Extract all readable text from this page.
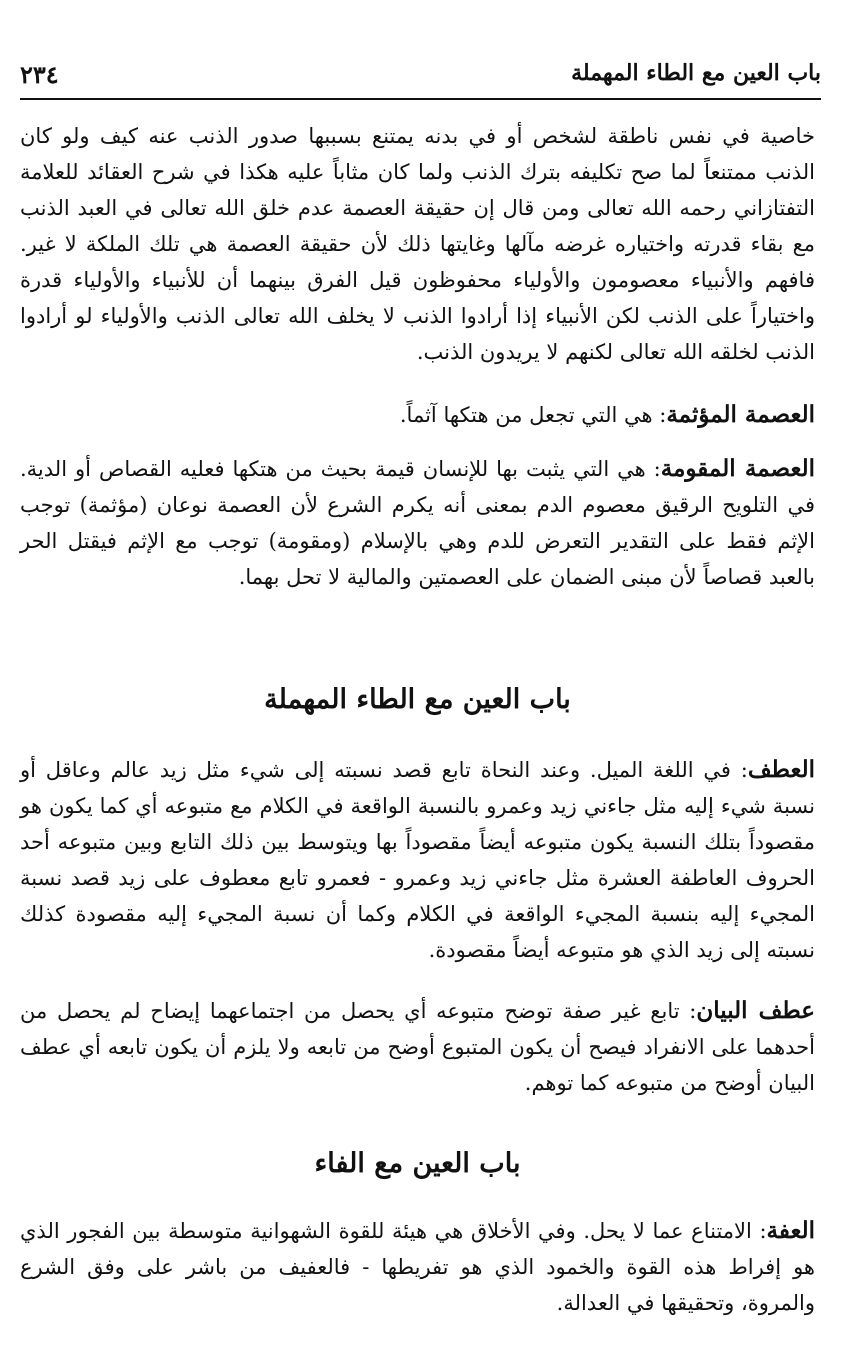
باب العين مع الطاء المهملة
٢٣٤

خاصية في نفس ناطقة لشخص أو في بدنه يمتنع بسببها صدور الذنب عنه كيف ولو كان الذنب ممتنعاً لما صح تكليفه بترك الذنب ولما كان مثاباً عليه هكذا في شرح العقائد للعلامة التفتازاني رحمه الله تعالى ومن قال إن حقيقة العصمة عدم خلق الله تعالى في العبد الذنب مع بقاء قدرته واختياره غرضه مآلها وغايتها ذلك لأن حقيقة العصمة هي تلك الملكة لا غير. فافهم والأنبياء معصومون والأولياء محفوظون قيل الفرق بينهما أن للأنبياء والأولياء قدرة واختياراً على الذنب لكن الأنبياء إذا أرادوا الذنب لا يخلف الله تعالى الذنب والأولياء لو أرادوا الذنب لخلقه الله تعالى لكنهم لا يريدون الذنب.

العصمة المؤثمة: هي التي تجعل من هتكها آثماً.

العصمة المقومة: هي التي يثبت بها للإنسان قيمة بحيث من هتكها فعليه القصاص أو الدية. في التلويح الرقيق معصوم الدم بمعنى أنه يكرم الشرع لأن العصمة نوعان (مؤثمة) توجب الإثم فقط على التقدير التعرض للدم وهي بالإسلام (ومقومة) توجب مع الإثم فيقتل الحر بالعبد قصاصاً لأن مبنى الضمان على العصمتين والمالية لا تحل بهما.

باب العين مع الطاء المهملة

العطف: في اللغة الميل. وعند النحاة تابع قصد نسبته إلى شيء مثل زيد عالم وعاقل أو نسبة شيء إليه مثل جاءني زيد وعمرو بالنسبة الواقعة في الكلام مع متبوعه أي كما يكون هو مقصوداً بتلك النسبة يكون متبوعه أيضاً مقصوداً بها ويتوسط بين ذلك التابع وبين متبوعه أحد الحروف العاطفة العشرة مثل جاءني زيد وعمرو - فعمرو تابع معطوف على زيد قصد نسبة المجيء إليه بنسبة المجيء الواقعة في الكلام وكما أن نسبة المجيء إليه مقصودة كذلك نسبته إلى زيد الذي هو متبوعه أيضاً مقصودة.

عطف البيان: تابع غير صفة توضح متبوعه أي يحصل من اجتماعهما إيضاح لم يحصل من أحدهما على الانفراد فيصح أن يكون المتبوع أوضح من تابعه ولا يلزم أن يكون تابعه أي عطف البيان أوضح من متبوعه كما توهم.

باب العين مع الفاء

العفة: الامتناع عما لا يحل. وفي الأخلاق هي هيئة للقوة الشهوانية متوسطة بين الفجور الذي هو إفراط هذه القوة والخمود الذي هو تفريطها - فالعفيف من باشر على وفق الشرع والمروة، وتحقيقها في العدالة.
